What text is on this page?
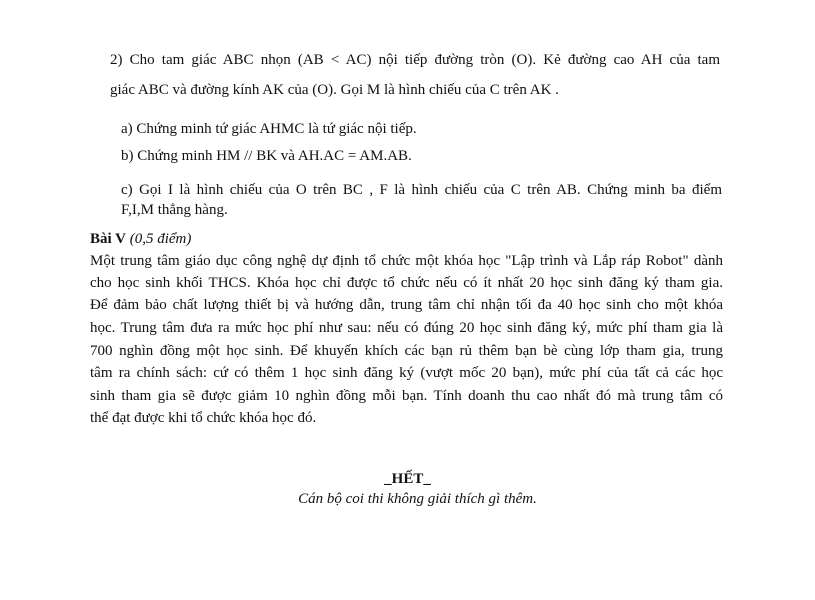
2) Cho tam giác ABC nhọn (AB < AC) nội tiếp đường tròn (O). Kẻ đường cao AH của tam
giác ABC và đường kính AK của (O). Gọi M là hình chiếu của C trên AK .
a) Chứng minh tứ giác AHMC là tứ giác nội tiếp.
b) Chứng minh HM // BK và AH.AC = AM.AB.
c) Gọi I là hình chiếu của O trên BC , F là hình chiếu của C trên AB. Chứng minh ba điểm
F,I,M thẳng hàng.
Bài V (0,5 điểm)
Một trung tâm giáo dục công nghệ dự định tổ chức một khóa học "Lập trình và Lắp ráp Robot" dành
cho học sinh khối THCS. Khóa học chỉ được tổ chức nếu có ít nhất 20 học sinh đăng ký tham gia.
Để đảm bảo chất lượng thiết bị và hướng dẫn, trung tâm chỉ nhận tối đa 40 học sinh cho một khóa
học. Trung tâm đưa ra mức học phí như sau: nếu có đúng 20 học sinh đăng ký, mức phí tham gia là
700 nghìn đồng một học sinh. Để khuyến khích các bạn rủ thêm bạn bè cùng lớp tham gia, trung
tâm ra chính sách: cứ có thêm 1 học sinh đăng ký (vượt mốc 20 bạn), mức phí của tất cả các học
sinh tham gia sẽ được giảm 10 nghìn đồng mỗi bạn. Tính doanh thu cao nhất đó mà trung tâm có
thể đạt được khi tổ chức khóa học đó.
_HẾT_
Cán bộ coi thi không giải thích gì thêm.
